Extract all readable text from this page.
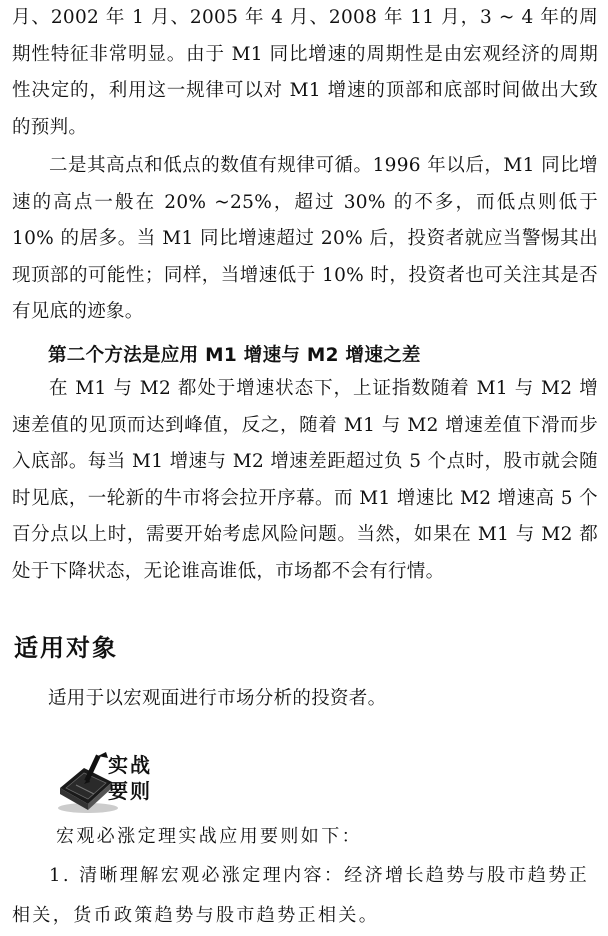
月、2002 年 1 月、2005 年 4 月、2008 年 11 月，3 ~ 4 年的周期性特征非常明显。由于 M1 同比增速的周期性是由宏观经济的周期性决定的，利用这一规律可以对 M1 增速的顶部和底部时间做出大致的预判。

二是其高点和低点的数值有规律可循。1996 年以后，M1 同比增速的高点一般在 20% ~25%，超过 30% 的不多，而低点则低于 10% 的居多。当 M1 同比增速超过 20% 后，投资者就应当警惕其出现顶部的可能性；同样，当增速低于 10% 时，投资者也可关注其是否有见底的迹象。

第二个方法是应用 M1 增速与 M2 增速之差

在 M1 与 M2 都处于增速状态下，上证指数随着 M1 与 M2 增速差值的见顶而达到峰值，反之，随着 M1 与 M2 增速差值下滑而步入底部。每当 M1 增速与 M2 增速差距超过负 5 个点时，股市就会随时见底，一轮新的牛市将会拉开序幕。而 M1 增速比 M2 增速高 5 个百分点以上时，需要开始考虑风险问题。当然，如果在 M1 与 M2 都处于下降状态，无论谁高谁低，市场都不会有行情。

适用对象
适用于以宏观面进行市场分析的投资者。
实战
要则
宏观必涨定理实战应用要则如下：

1. 清晰理解宏观必涨定理内容：经济增长趋势与股市趋势正相关，货币政策趋势与股市趋势正相关。
